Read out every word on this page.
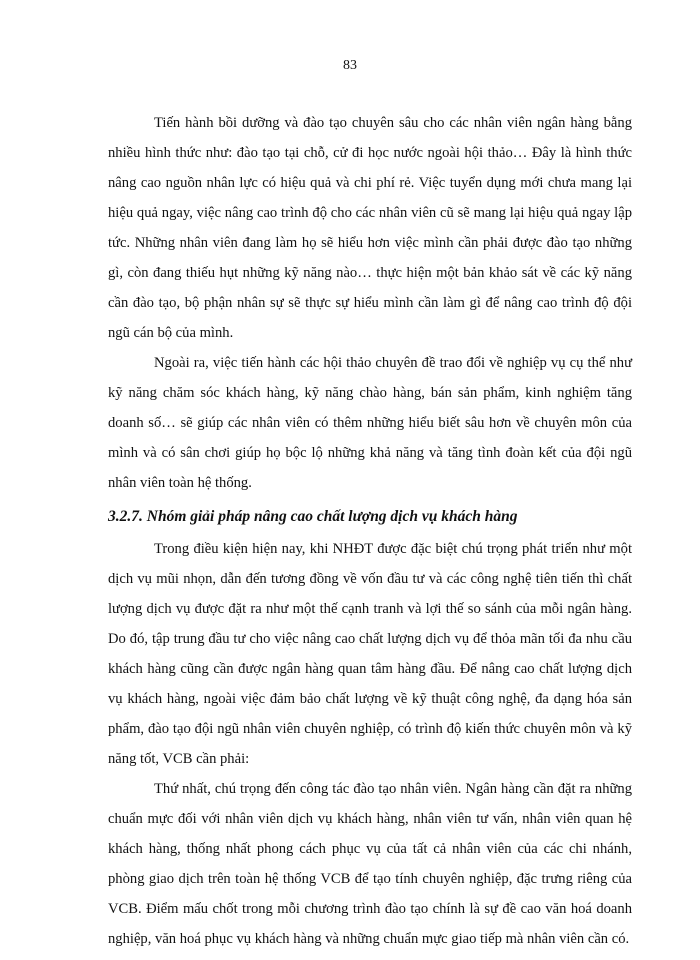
83

Tiến hành bồi dưỡng và đào tạo chuyên sâu cho các nhân viên ngân hàng bằng nhiều hình thức như: đào tạo tại chỗ, cử đi học nước ngoài hội thảo… Đây là hình thức nâng cao nguồn nhân lực có hiệu quả và chi phí rẻ. Việc tuyển dụng mới chưa mang lại hiệu quả ngay, việc nâng cao trình độ cho các nhân viên cũ sẽ mang lại hiệu quả ngay lập tức. Những nhân viên đang làm họ sẽ hiểu hơn việc mình cần phải được đào tạo những gì, còn đang thiếu hụt những kỹ năng nào… thực hiện một bản khảo sát về các kỹ năng cần đào tạo, bộ phận nhân sự sẽ thực sự hiểu mình cần làm gì để nâng cao trình độ đội ngũ cán bộ của mình.

Ngoài ra, việc tiến hành các hội thảo chuyên đề trao đổi về nghiệp vụ cụ thể như kỹ năng chăm sóc khách hàng, kỹ năng chào hàng, bán sản phẩm, kinh nghiệm tăng doanh số… sẽ giúp các nhân viên có thêm những hiểu biết sâu hơn về chuyên môn của mình và có sân chơi giúp họ bộc lộ những khả năng và tăng tình đoàn kết của đội ngũ nhân viên toàn hệ thống.

3.2.7. Nhóm giải pháp nâng cao chất lượng dịch vụ khách hàng

Trong điều kiện hiện nay, khi NHĐT được đặc biệt chú trọng phát triển như một dịch vụ mũi nhọn, dẫn đến tương đồng về vốn đầu tư và các công nghệ tiên tiến thì chất lượng dịch vụ được đặt ra như một thế cạnh tranh và lợi thế so sánh của mỗi ngân hàng. Do đó, tập trung đầu tư cho việc nâng cao chất lượng dịch vụ để thỏa mãn tối đa nhu cầu khách hàng cũng cần được ngân hàng quan tâm hàng đầu. Để nâng cao chất lượng dịch vụ khách hàng, ngoài việc đảm bảo chất lượng về kỹ thuật công nghệ, đa dạng hóa sản phẩm, đào tạo đội ngũ nhân viên chuyên nghiệp, có trình độ kiến thức chuyên môn và kỹ năng tốt, VCB cần phải:

Thứ nhất, chú trọng đến công tác đào tạo nhân viên. Ngân hàng cần đặt ra những chuẩn mực đối với nhân viên dịch vụ khách hàng, nhân viên tư vấn, nhân viên quan hệ khách hàng, thống nhất phong cách phục vụ của tất cả nhân viên của các chi nhánh, phòng giao dịch trên toàn hệ thống VCB để tạo tính chuyên nghiệp, đặc trưng riêng của VCB. Điểm mấu chốt trong mỗi chương trình đào tạo chính là sự đề cao văn hoá doanh nghiệp, văn hoá phục vụ khách hàng và những chuẩn mực giao tiếp mà nhân viên cần có.
